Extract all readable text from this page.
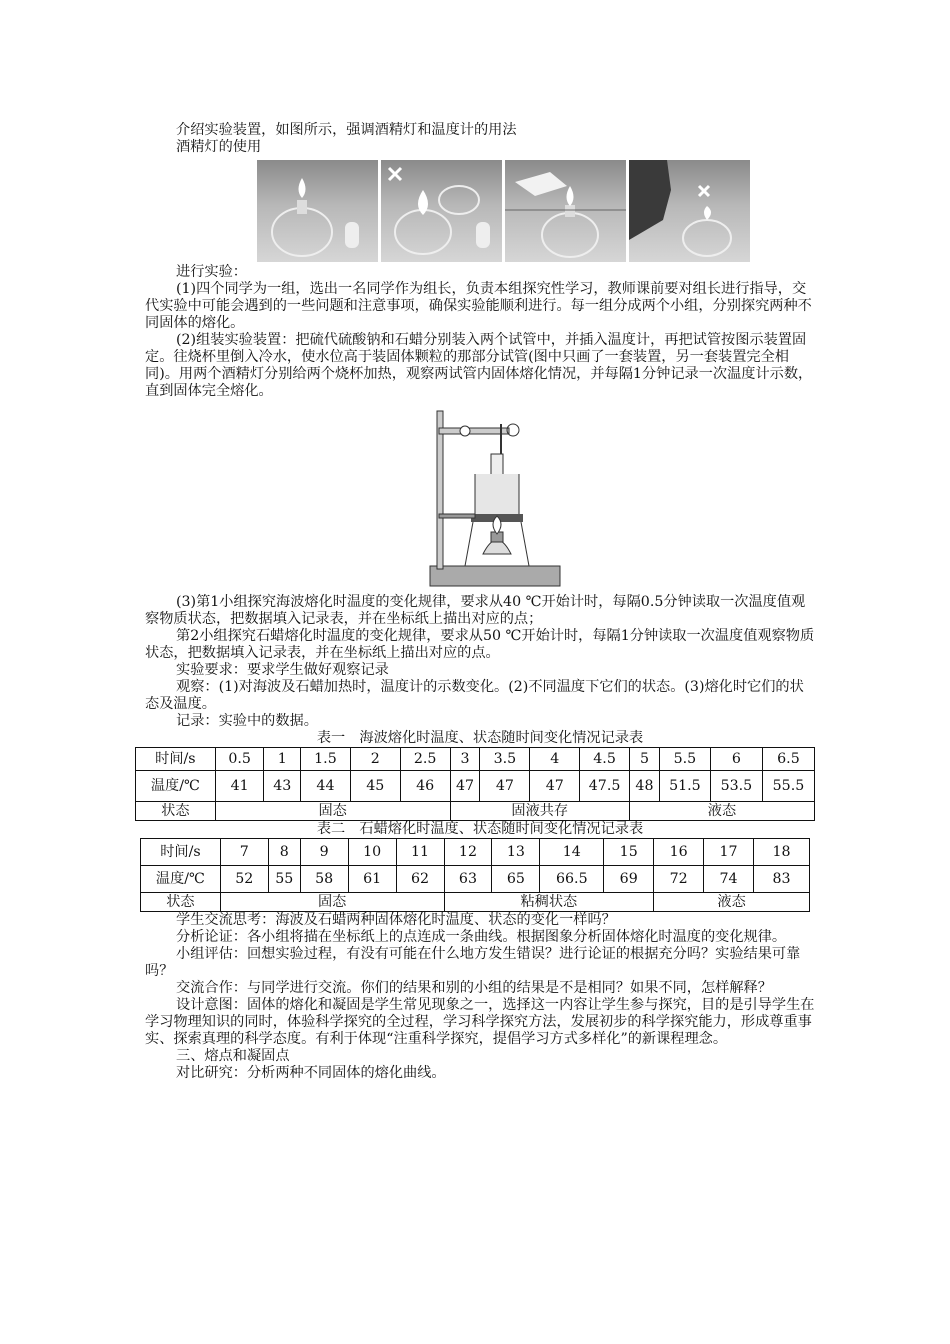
介绍实验装置，如图所示，强调酒精灯和温度计的用法

酒精灯的使用

进行实验：

(1)四个同学为一组，选出一名同学作为组长，负责本组探究性学习，教师课前要对组长进行指导，交代实验中可能会遇到的一些问题和注意事项，确保实验能顺利进行。每一组分成两个小组，分别探究两种不同固体的熔化。

(2)组装实验装置：把硫代硫酸钠和石蜡分别装入两个试管中，并插入温度计，再把试管按图示装置固定。往烧杯里倒入冷水，使水位高于装固体颗粒的那部分试管(图中只画了一套装置，另一套装置完全相同)。用两个酒精灯分别给两个烧杯加热，观察两试管内固体熔化情况，并每隔1分钟记录一次温度计示数，直到固体完全熔化。

(3)第1小组探究海波熔化时温度的变化规律，要求从40 ℃开始计时，每隔0.5分钟读取一次温度值观察物质状态，把数据填入记录表，并在坐标纸上描出对应的点；

第2小组探究石蜡熔化时温度的变化规律，要求从50 ℃开始计时，每隔1分钟读取一次温度值观察物质状态，把数据填入记录表，并在坐标纸上描出对应的点。

实验要求：要求学生做好观察记录

观察：(1)对海波及石蜡加热时，温度计的示数变化。(2)不同温度下它们的状态。(3)熔化时它们的状态及温度。

记录：实验中的数据。

表一　海波熔化时温度、状态随时间变化情况记录表

时间/s	0.5	1	1.5	2	2.5	3	3.5	4	4.5	5	5.5	6	6.5
温度/℃	41	43	44	45	46	47	47	47	47.5	48	51.5	53.5	55.5
状态	固态					固液共存				液态			

表二　石蜡熔化时温度、状态随时间变化情况记录表

时间/s	7	8	9	10	11	12	13	14	15	16	17	18
温度/℃	52	55	58	61	62	63	65	66.5	69	72	74	83
状态	固态					粘稠状态				液态		

学生交流思考：海波及石蜡两种固体熔化时温度、状态的变化一样吗？

分析论证：各小组将描在坐标纸上的点连成一条曲线。根据图象分析固体熔化时温度的变化规律。

小组评估：回想实验过程，有没有可能在什么地方发生错误？进行论证的根据充分吗？实验结果可靠吗？

交流合作：与同学进行交流。你们的结果和别的小组的结果是不是相同？如果不同，怎样解释？

设计意图：固体的熔化和凝固是学生常见现象之一，选择这一内容让学生参与探究，目的是引导学生在学习物理知识的同时，体验科学探究的全过程，学习科学探究方法，发展初步的科学探究能力，形成尊重事实、探索真理的科学态度。有利于体现“注重科学探究，提倡学习方式多样化”的新课程理念。

三、熔点和凝固点

对比研究：分析两种不同固体的熔化曲线。
